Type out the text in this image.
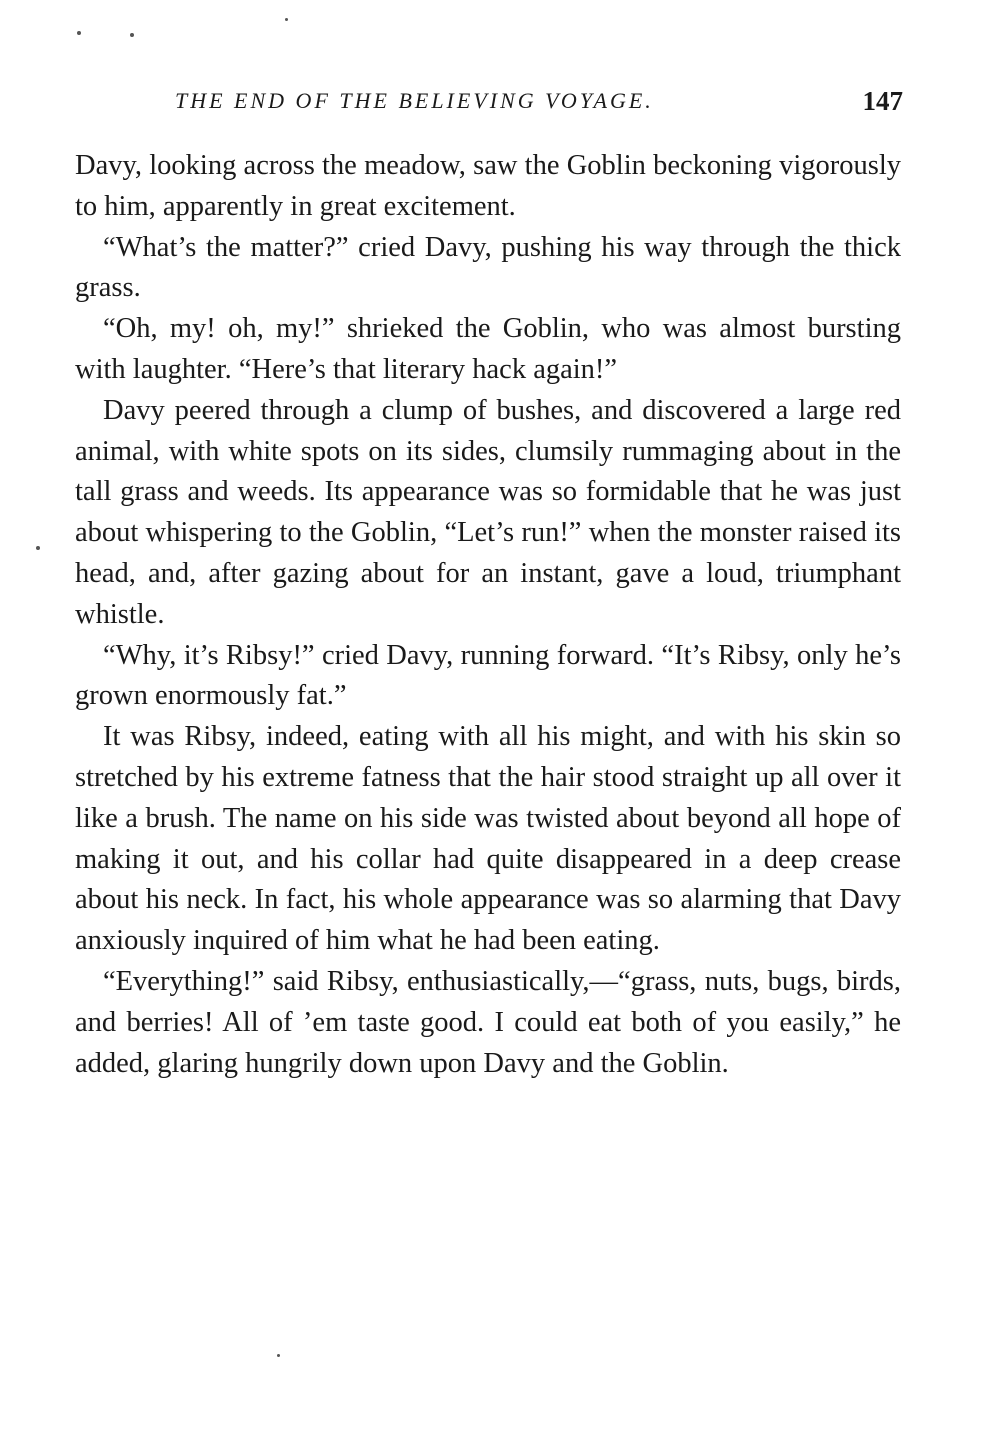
THE END OF THE BELIEVING VOYAGE.	147

Davy, looking across the meadow, saw the Goblin beckoning vigorously to him, apparently in great excitement.

“What’s the matter?” cried Davy, pushing his way through the thick grass.

“Oh, my! oh, my!” shrieked the Goblin, who was almost bursting with laughter. “Here’s that literary hack again!”

Davy peered through a clump of bushes, and discovered a large red animal, with white spots on its sides, clumsily rummaging about in the tall grass and weeds. Its appearance was so formidable that he was just about whispering to the Goblin, “Let’s run!” when the monster raised its head, and, after gazing about for an instant, gave a loud, triumphant whistle.

“Why, it’s Ribsy!” cried Davy, running forward. “It’s Ribsy, only he’s grown enormously fat.”

It was Ribsy, indeed, eating with all his might, and with his skin so stretched by his extreme fatness that the hair stood straight up all over it like a brush. The name on his side was twisted about beyond all hope of making it out, and his collar had quite disappeared in a deep crease about his neck. In fact, his whole appearance was so alarming that Davy anxiously inquired of him what he had been eating.

“Everything!” said Ribsy, enthusiastically,—“grass, nuts, bugs, birds, and berries! All of ’em taste good. I could eat both of you easily,” he added, glaring hungrily down upon Davy and the Goblin.
